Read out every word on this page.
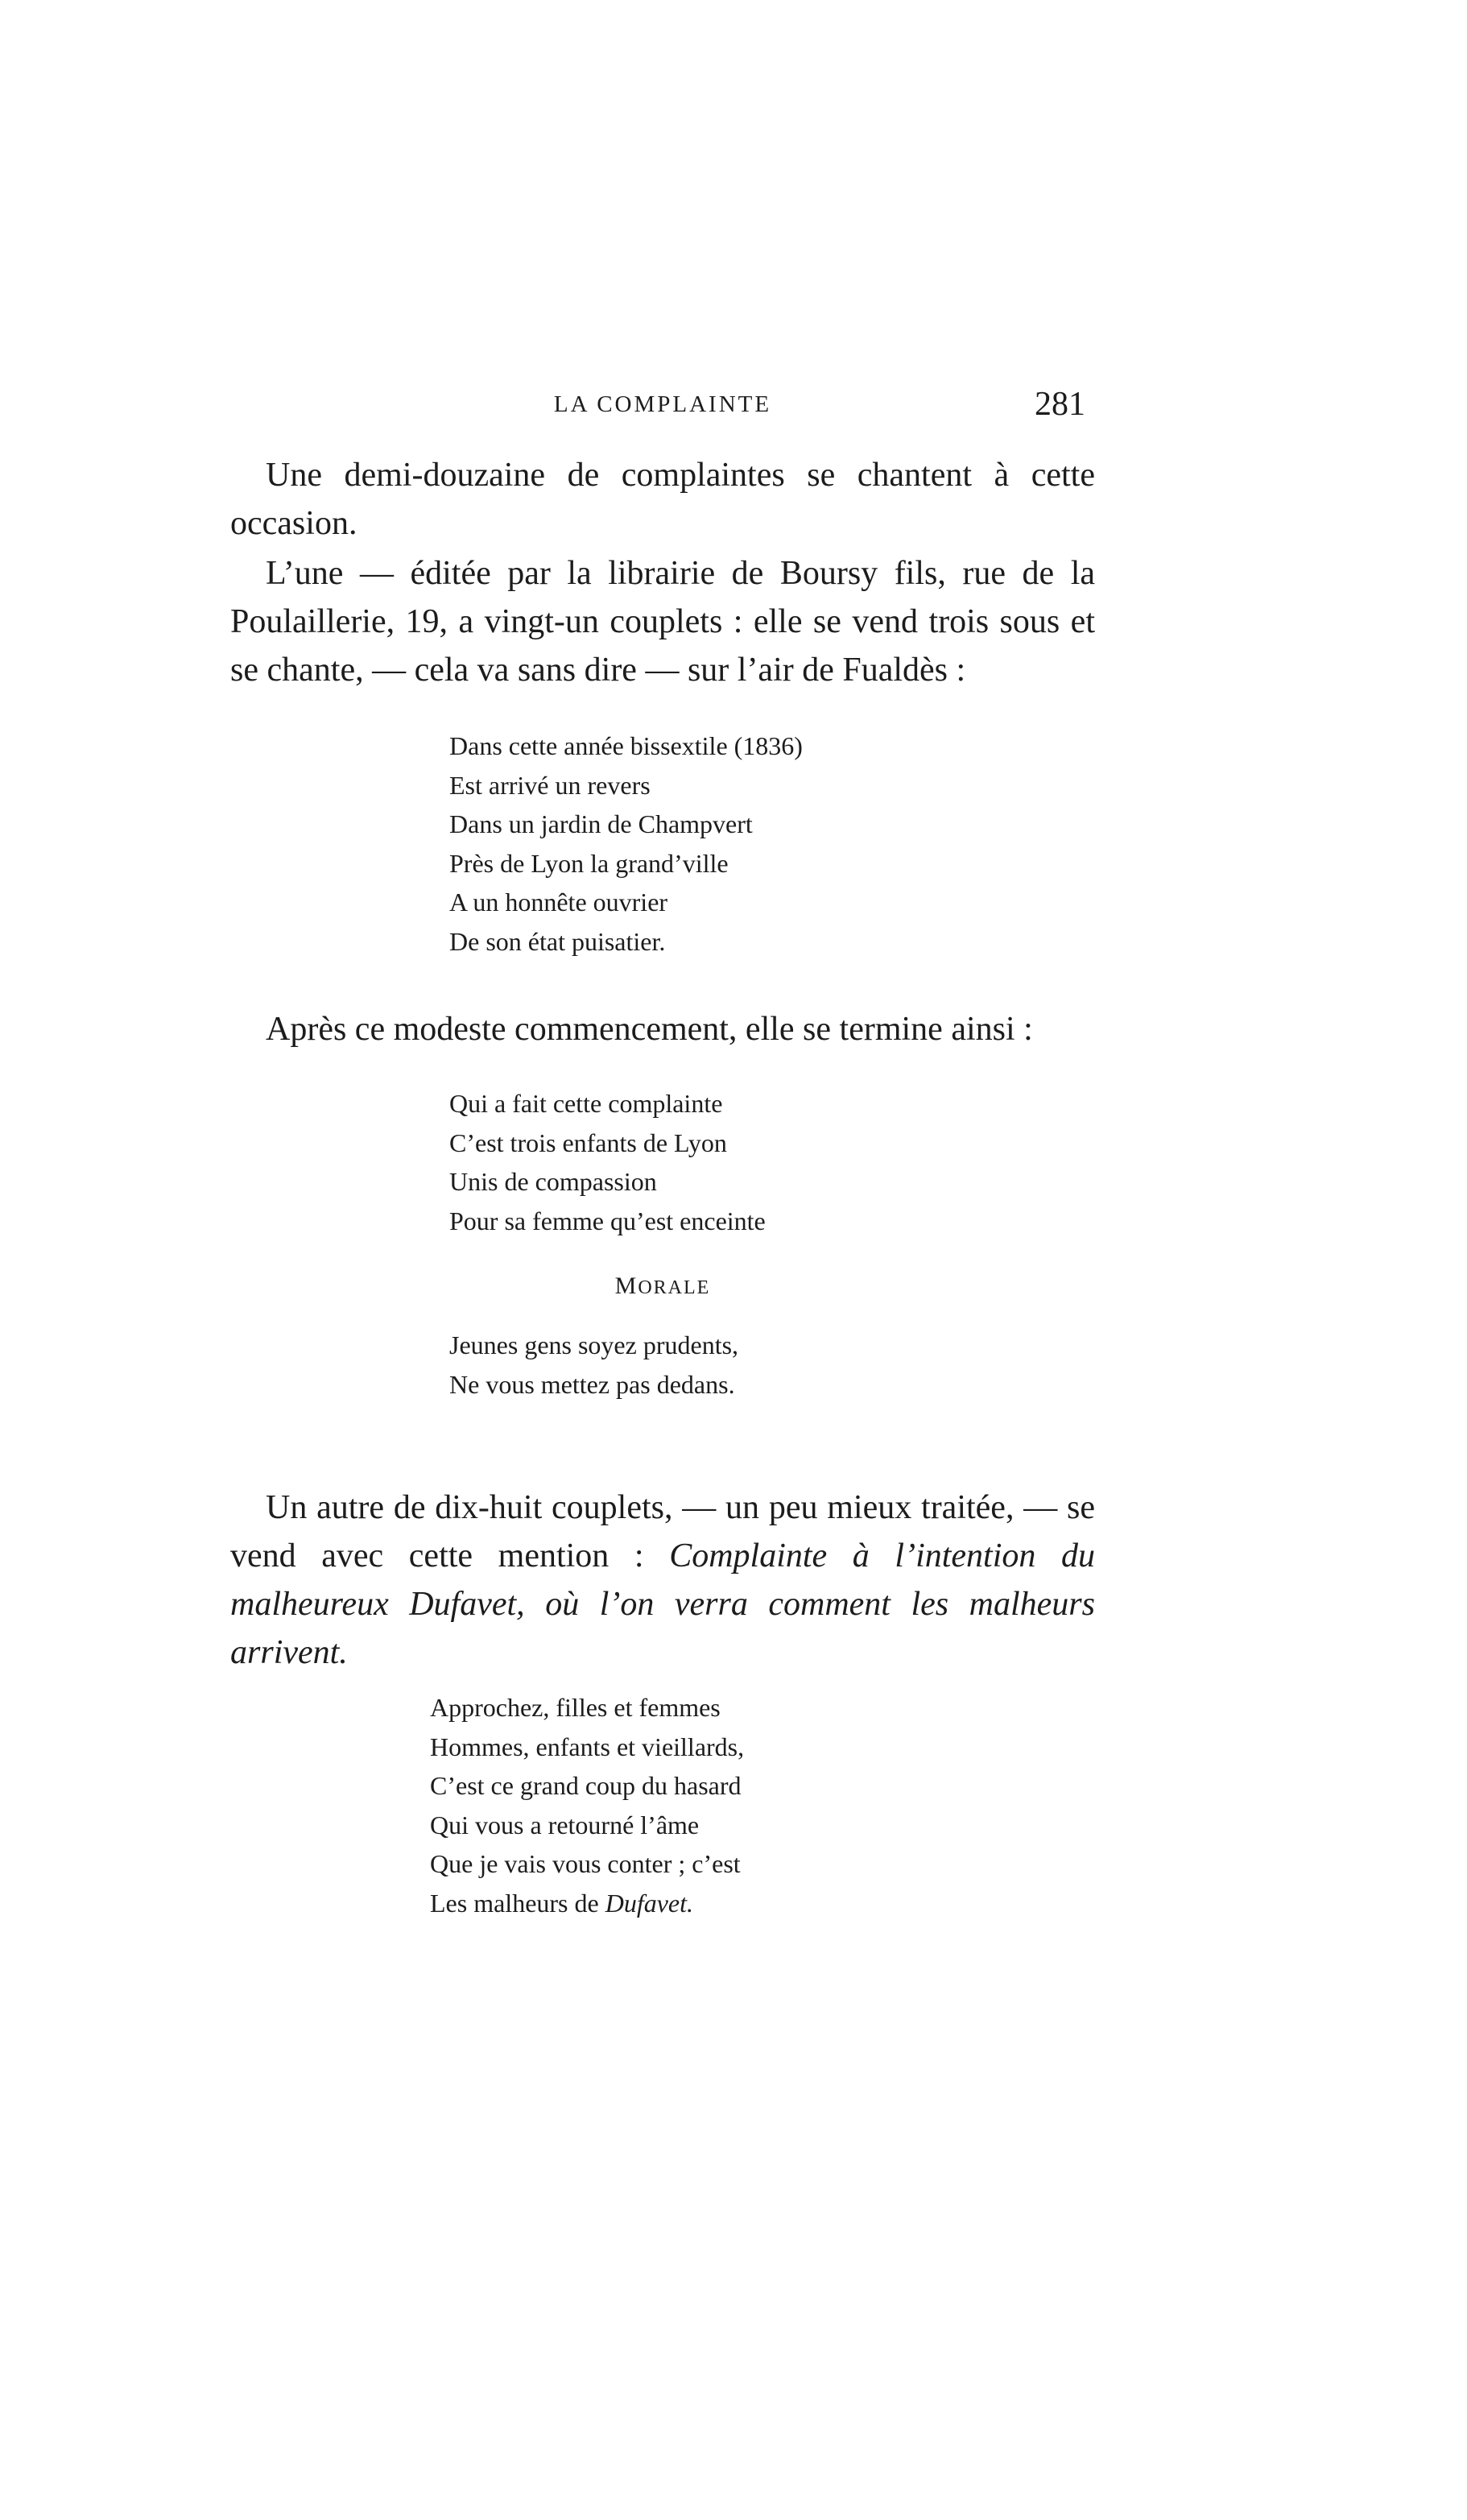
LA COMPLAINTE	281

Une demi-douzaine de complaintes se chantent à cette occasion.

L’une — éditée par la librairie de Boursy fils, rue de la Poulaillerie, 19, a vingt-un couplets : elle se vend trois sous et se chante, — cela va sans dire — sur l’air de Fualdès :

Dans cette année bissextile (1836)
Est arrivé un revers
Dans un jardin de Champvert
Près de Lyon la grand’ville
A un honnête ouvrier
De son état puisatier.

Après ce modeste commencement, elle se termine ainsi :

Qui a fait cette complainte
C’est trois enfants de Lyon
Unis de compassion
Pour sa femme qu’est enceinte
MORALE
Jeunes gens soyez prudents,
Ne vous mettez pas dedans.

Un autre de dix-huit couplets, — un peu mieux traitée, — se vend avec cette mention : Complainte à l’intention du malheureux Dufavet, où l’on verra comment les malheurs arrivent.

Approchez, filles et femmes
Hommes, enfants et vieillards,
C’est ce grand coup du hasard
Qui vous a retourné l’âme
Que je vais vous conter ; c’est
Les malheurs de Dufavet.
